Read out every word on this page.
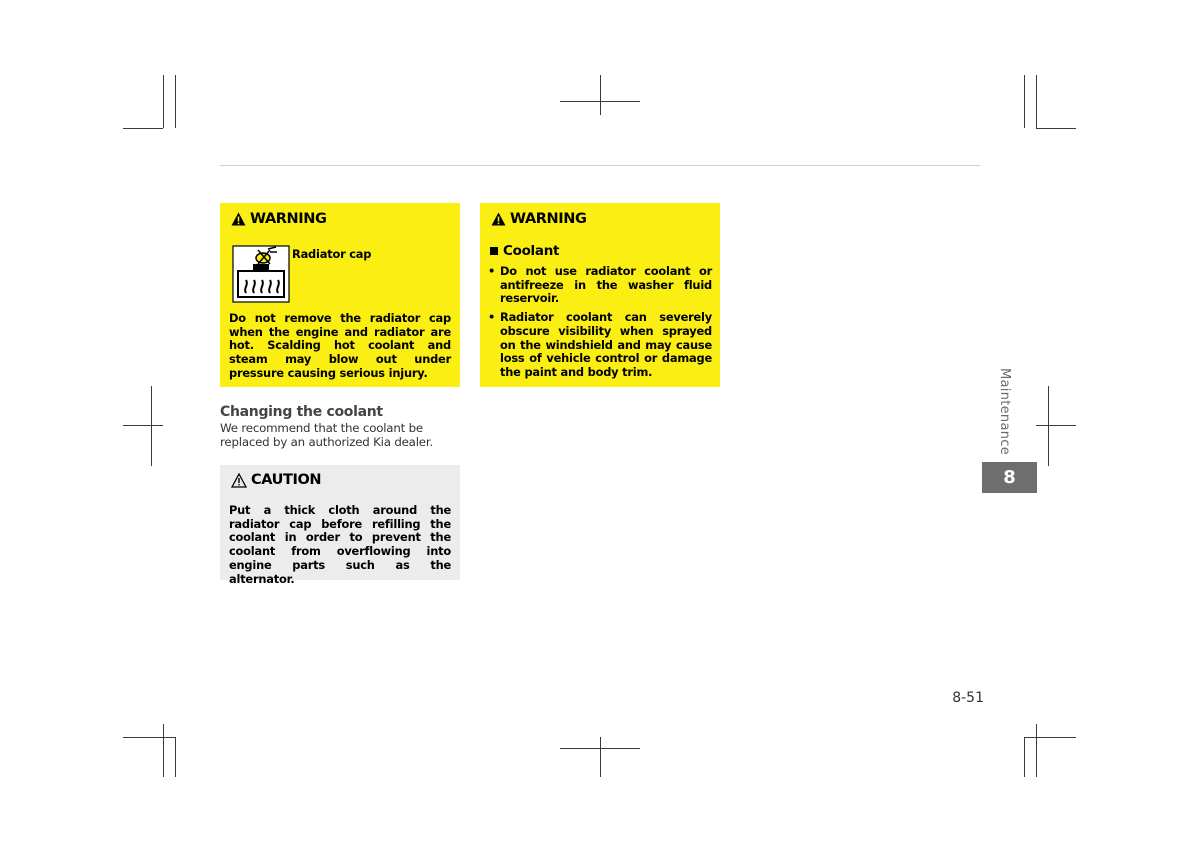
WARNING
Radiator cap
Do not remove the radiator cap when the engine and radiator are hot. Scalding hot coolant and steam may blow out under pressure causing serious injury.
WARNING
Coolant
• Do not use radiator coolant or antifreeze in the washer fluid reservoir.
• Radiator coolant can severely obscure visibility when sprayed on the windshield and may cause loss of vehicle control or damage the paint and body trim.
Changing the coolant
We recommend that the coolant be replaced by an authorized Kia dealer.
CAUTION
Put a thick cloth around the radiator cap before refilling the coolant in order to prevent the coolant from overflowing into engine parts such as the alternator.
Maintenance
8
8-51
